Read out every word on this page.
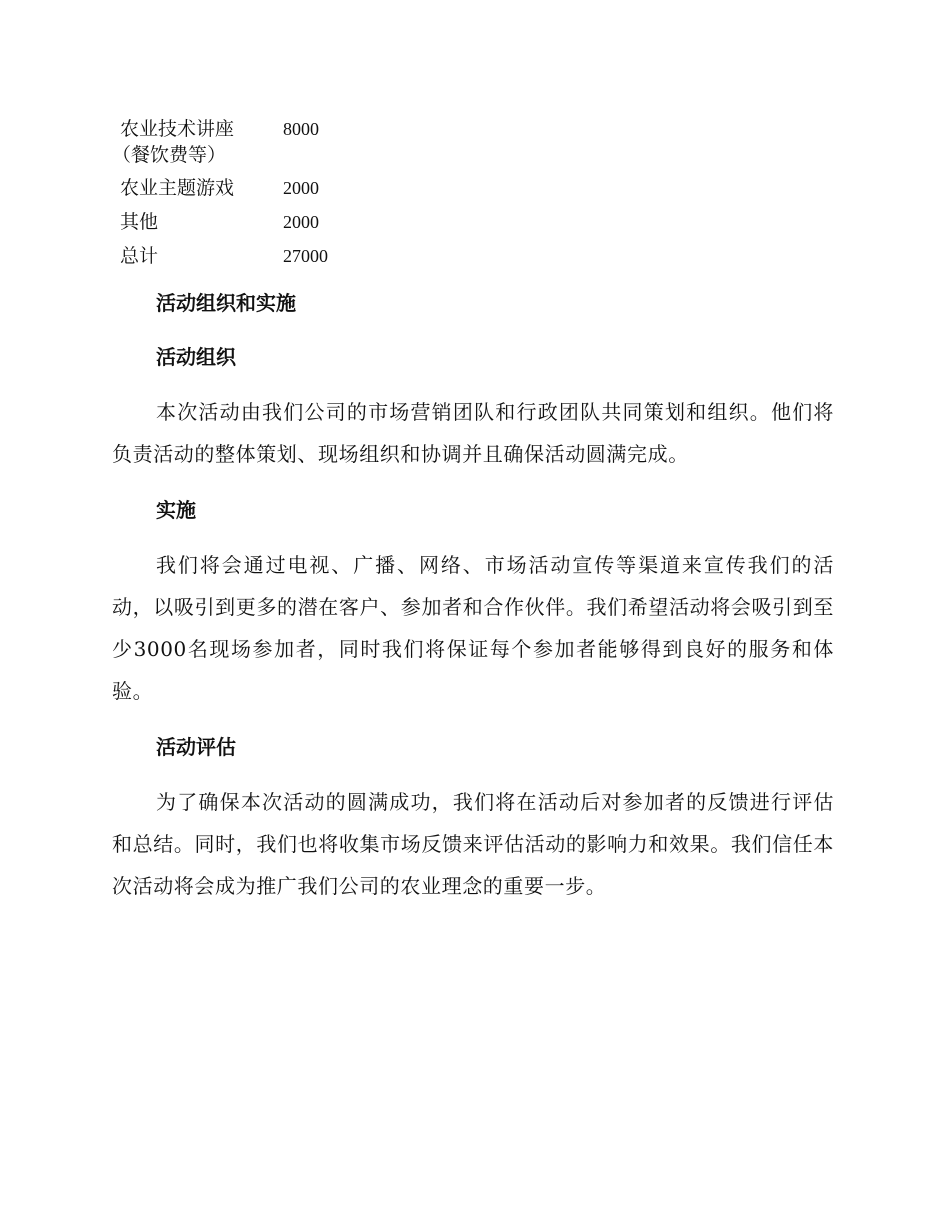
农业技术讲座
（餐饮费等）	8000
农业主题游戏	2000
其他	2000
总计	27000
活动组织和实施
活动组织

本次活动由我们公司的市场营销团队和行政团队共同策划和组织。他们将负责活动的整体策划、现场组织和协调并且确保活动圆满完成。

实施

我们将会通过电视、广播、网络、市场活动宣传等渠道来宣传我们的活动，以吸引到更多的潜在客户、参加者和合作伙伴。我们希望活动将会吸引到至少3000名现场参加者，同时我们将保证每个参加者能够得到良好的服务和体验。

活动评估

为了确保本次活动的圆满成功，我们将在活动后对参加者的反馈进行评估和总结。同时，我们也将收集市场反馈来评估活动的影响力和效果。我们信任本次活动将会成为推广我们公司的农业理念的重要一步。
